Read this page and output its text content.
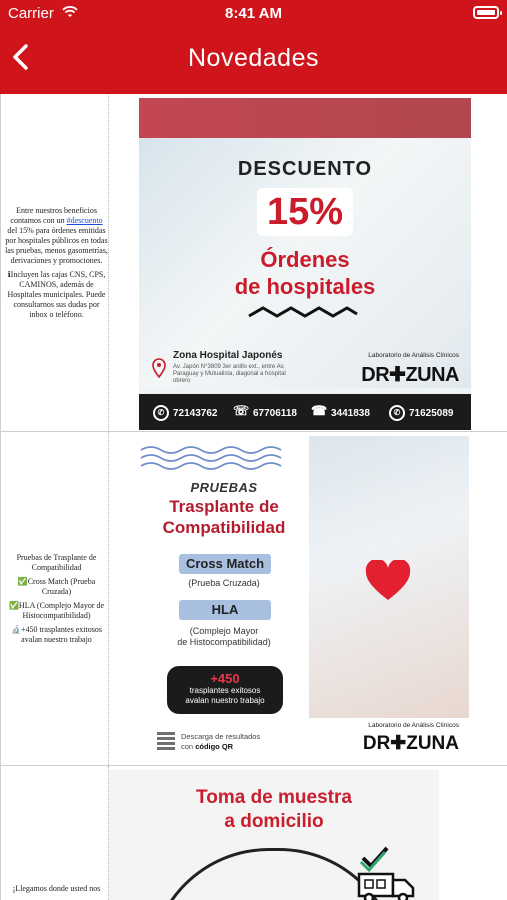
Carrier	8:41 AM
Novedades

Entre nuestros beneficios contamos con un #descuento del 15% para órdenes emitidas por hospitales públicos en todas las pruebas, menos gasometrías, derivaciones y promociones.

ℹIncluyen las cajas CNS, CPS, CAMINOS, además de Hospitales municipales. Puede consultarnos sus dudas por inbox o teléfono.

DESCUENTO
15%
Órdenes
de hospitales
Zona Hospital Japonés
Av. Japón N°3809 3er anillo ext., entre Av. Paraguay y Mutualista, diagonal a hospital obrero
Laboratorio de Análisis Clínicos
DR✚ZUNA
✆ 72143762 ☏ 67706118 ☎ 3441838	✆ 71625089

Pruebas de Trasplante de Compatibilidad

✅Cross Match (Prueba Cruzada)

✅HLA (Complejo Mayor de Histocompatibilidad)

🔬+450 trasplantes exitosos avalan nuestro trabajo

PRUEBAS
Trasplante de
Compatibilidad
Cross Match
(Prueba Cruzada)
HLA
(Complejo Mayor
de Histocompatibilidad)
+450
trasplantes exitosos
avalan nuestro trabajo
Descarga de resultados
con código QR
Laboratorio de Análisis Clínicos
DR✚ZUNA

¡Llegamos donde usted nos

Toma de muestra
a domicilio
